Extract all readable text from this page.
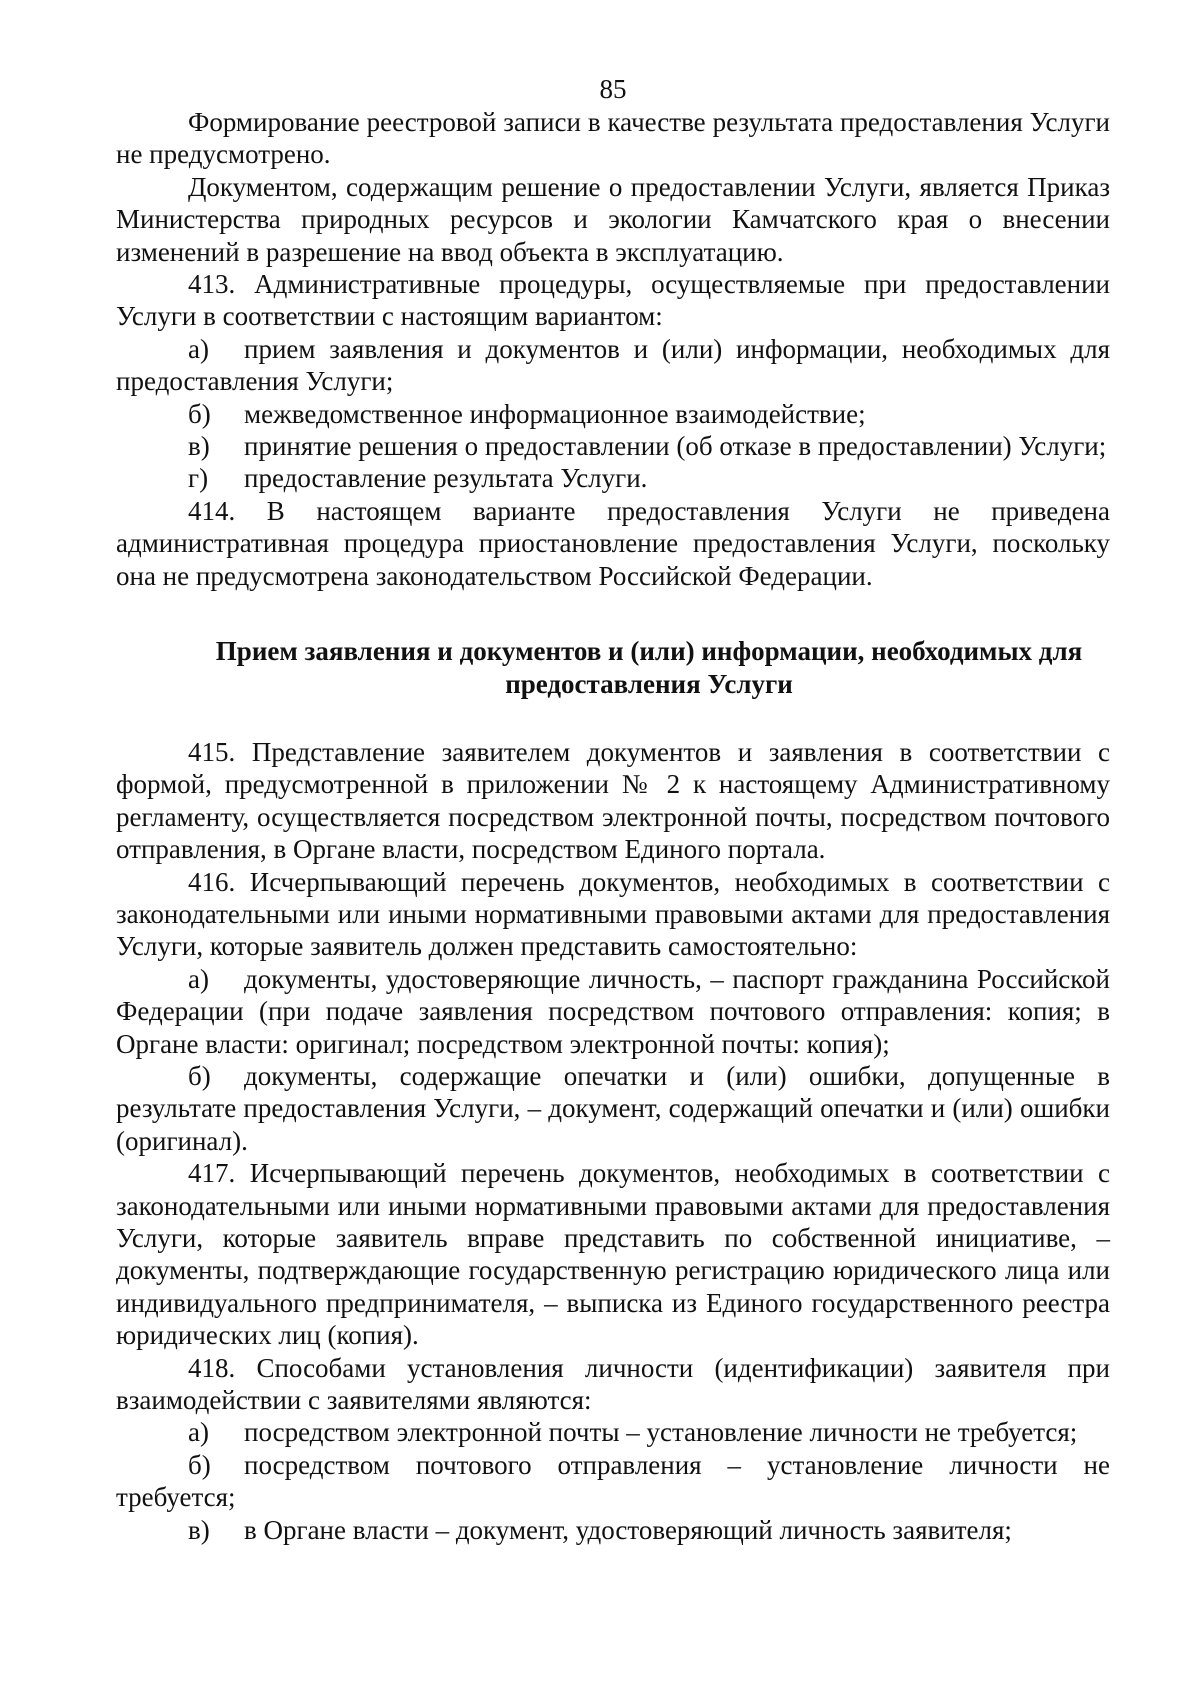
85

Формирование реестровой записи в качестве результата предоставления Услуги не предусмотрено.

Документом, содержащим решение о предоставлении Услуги, является Приказ Министерства природных ресурсов и экологии Камчатского края о внесении изменений в разрешение на ввод объекта в эксплуатацию.

413. Административные процедуры, осуществляемые при предоставлении Услуги в соответствии с настоящим вариантом:

а) прием заявления и документов и (или) информации, необходимых для предоставления Услуги;

б) межведомственное информационное взаимодействие;

в) принятие решения о предоставлении (об отказе в предоставлении) Услуги;

г) предоставление результата Услуги.

414. В настоящем варианте предоставления Услуги не приведена административная процедура приостановление предоставления Услуги, поскольку она не предусмотрена законодательством Российской Федерации.

Прием заявления и документов и (или) информации, необходимых для
предоставления Услуги

415. Представление заявителем документов и заявления в соответствии с формой, предусмотренной в приложении № 2 к настоящему Административному регламенту, осуществляется посредством электронной почты, посредством почтового отправления, в Органе власти, посредством Единого портала.

416. Исчерпывающий перечень документов, необходимых в соответствии с законодательными или иными нормативными правовыми актами для предоставления Услуги, которые заявитель должен представить самостоятельно:

а) документы, удостоверяющие личность, – паспорт гражданина Российской Федерации (при подаче заявления посредством почтового отправления: копия; в Органе власти: оригинал; посредством электронной почты: копия);

б) документы, содержащие опечатки и (или) ошибки, допущенные в результате предоставления Услуги, – документ, содержащий опечатки и (или) ошибки (оригинал).

417. Исчерпывающий перечень документов, необходимых в соответствии с законодательными или иными нормативными правовыми актами для предоставления Услуги, которые заявитель вправе представить по собственной инициативе, – документы, подтверждающие государственную регистрацию юридического лица или индивидуального предпринимателя, – выписка из Единого государственного реестра юридических лиц (копия).

418. Способами установления личности (идентификации) заявителя при взаимодействии с заявителями являются:

а) посредством электронной почты – установление личности не требуется;

б) посредством почтового отправления – установление личности не требуется;

в) в Органе власти – документ, удостоверяющий личность заявителя;
